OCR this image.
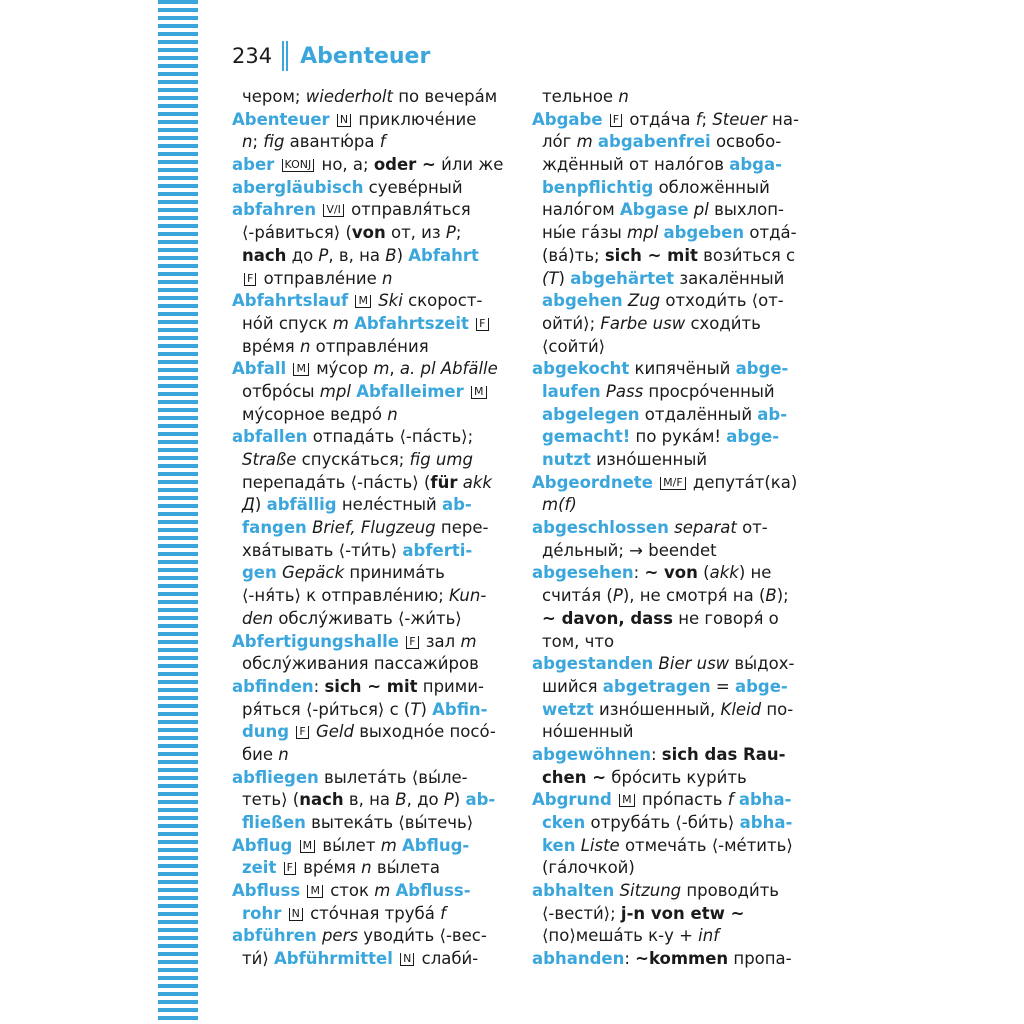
234 Abenteuer
чером; wiederholt по вечерáм
Abenteuer N приключéние
n; fig авантю́ра f
aber KONJ но, а; oder ~ и́ли же
abergläubisch суевéрный
abfahren V/I отправля́ться
⟨-рáвиться⟩ (von от, из P;
nach до P, в, на B) Abfahrt
F отправлéние n
Abfahrtslauf M Ski скорост-
нóй спуск m Abfahrtszeit F
врéмя n отправлéния
Abfall M му́сор m, a. pl Abfälle
отбрóсы mpl Abfalleimer M
му́сорное ведрó n
abfallen отпадáть ⟨-пáсть⟩;
Straße спускáться; fig umg
перепадáть ⟨-пáсть⟩ (für akk
Д) abfällig нелéстный ab-
fangen Brief, Flugzeug пере-
хвáтывать ⟨-ти́ть⟩ abferti-
gen Gepäck принимáть
⟨-ня́ть⟩ к отправлéнию; Kun-
den обслу́живать ⟨-жи́ть⟩
Abfertigungshalle F зал m
обслу́живания пассажи́ров
abfinden: sich ~ mit прими-
ря́ться ⟨-ри́ться⟩ с (T) Abfin-
dung F Geld выходнóе посó-
бие n
abfliegen вылетáть ⟨вы́ле-
теть⟩ (nach в, на B, до P) ab-
fließen вытекáть ⟨вы́течь⟩
Abflug M вы́лет m Abflug-
zeit F врéмя n вы́лета
Abfluss M сток m Abfluss-
rohr N стóчная трубá f
abführen pers уводи́ть ⟨-вес-
ти́⟩ Abführmittel N слаби́-
тельное n
Abgabe F отдáча f; Steuer на-
лóг m abgabenfrei освобо-
ждённый от налóгов abga-
benpflichtig обложённый
налóгом Abgase pl выхлоп-
ны́е гáзы mpl abgeben отдá-
(вá)ть; sich ~ mit вози́ться с
(T) abgehärtet закалённый
abgehen Zug отходи́ть ⟨от-
ойти́⟩; Farbe usw сходи́ть
⟨сойти́⟩
abgekocht кипячёный abge-
laufen Pass просрóченный
abgelegen отдалённый ab-
gemacht! по рукáм! abge-
nutzt изнóшенный
Abgeordnete M/F депутáт(ка)
m(f)
abgeschlossen separat от-
дéльный; → beendet
abgesehen: ~ von (akk) не
считáя (P), не смотря́ на (B);
~ davon, dass не говоря́ о
том, что
abgestanden Bier usw вы́дох-
шийся abgetragen = abge-
wetzt изнóшенный, Kleid по-
нóшенный
abgewöhnen: sich das Rau-
chen ~ брóсить кури́ть
Abgrund M прóпасть f abha-
cken отрубáть ⟨-би́ть⟩ abha-
ken Liste отмечáть ⟨-мéтить⟩
(гáлочкой)
abhalten Sitzung проводи́ть
⟨-вести́⟩; j-n von etw ~
⟨по⟩мешáть к-у + inf
abhanden: ~kommen пропа-
